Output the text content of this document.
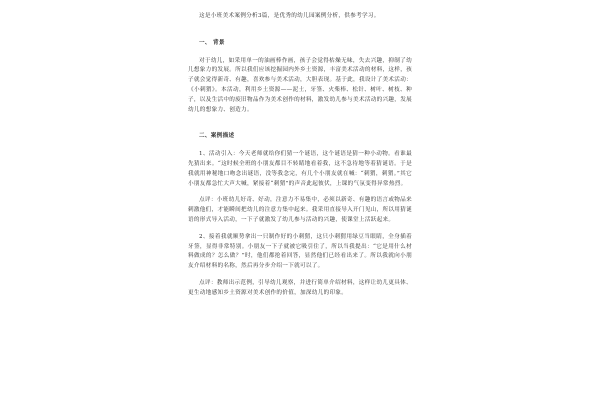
这是小班美术案例分析3篇，是优秀的幼儿园案例分析，供参考学习。

一、 背景

对于幼儿，如采用单一的油画棒作画，孩子会觉得枯燥无味，失去兴趣，抑制了幼儿想象力的发展。所以我们应该挖掘园内外乡土资源，丰富美术活动的材料，这样，孩子就会觉得新奇、有趣，喜欢参与美术活动，大胆表现。基于此，我设计了美术活动：《小刺猬》。本活动，利用乡土资源——泥土，牙签、火柴棒、松针、树叶、树枝、种子，以及生活中的废旧物品作为美术创作的材料，激发幼儿参与美术活动的兴趣，发展幼儿的想象力、创造力。

二、案例描述

1、活动引入：今天老师就给你们猜一个谜语，这个谜语是猜一种小动物。看谁最先猜出来。“这时候全班的小朋友都目不转睛地看着我，这不急待地等着猜谜语。于是我就用神秘地口吻念出谜语，没等我念完，有几个小朋友就在喊：“刺猬，刺猬。”其它小朋友都急忙大声大喊，紧接着“刺猬”的声音此起彼伏，上课的气氛变得异常热烈。

点评：小班幼儿好奇、好动，注意力不易集中，必须以新奇、有趣的语言或物品来刺激他们，才能瞬间把幼儿的注意力集中起来。我采用直接导入开门见山，所以用猜谜语的形式导入活动，一下子就激发了幼儿参与活动的兴趣，使课堂上活跃起来。

2、接着我就顺势拿出一只制作好的小刺猬，这只小刺猬用绿豆当眼睛，全身插着牙签，显得非常特别。小朋友一下子就被它吸引住了，所以当我提出：“它是用什么材料做成的？怎么做？”时，他们都抢着回答，显然他们已经看出来了。所以我就向小朋友介绍材料的名称，然后再分步介绍一下就可以了。

点评：教师出示范例，引导幼儿观察，并进行简单介绍材料，这样让幼儿更具体、更生动地感知乡土资源对美术创作的价值，加深幼儿的印象。
